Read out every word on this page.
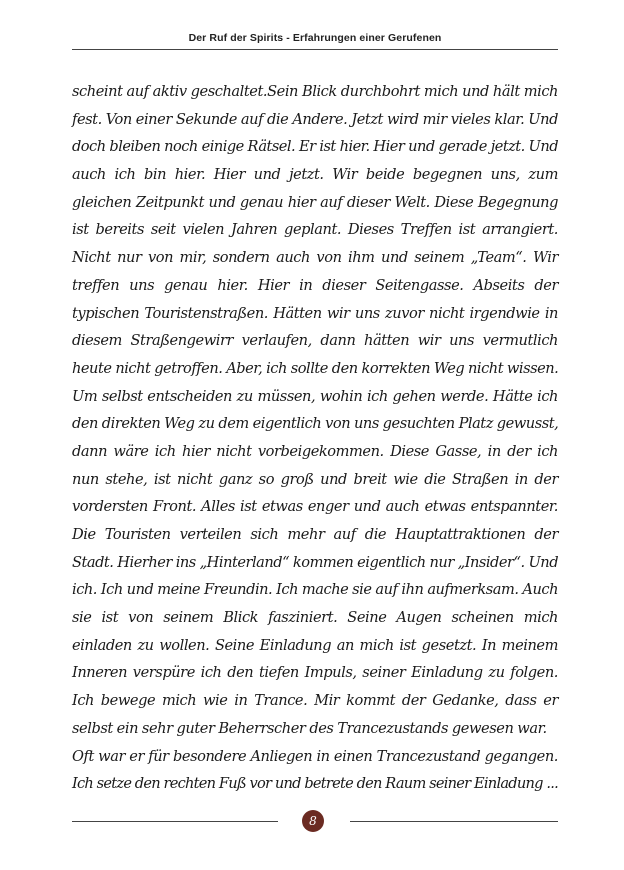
Der Ruf der Spirits - Erfahrungen einer Gerufenen
scheint auf aktiv geschaltet.Sein Blick durchbohrt mich und hält mich
fest. Von einer Sekunde auf die Andere. Jetzt wird mir vieles klar. Und
doch bleiben noch einige Rätsel. Er ist hier. Hier und gerade jetzt. Und
auch ich bin hier. Hier und jetzt. Wir beide begegnen uns, zum
gleichen Zeitpunkt und genau hier auf dieser Welt. Diese Begegnung
ist bereits seit vielen Jahren geplant. Dieses Treffen ist arrangiert.
Nicht nur von mir, sondern auch von ihm und seinem „Team“. Wir
treffen uns genau hier. Hier in dieser Seitengasse. Abseits der
typischen Touristenstraßen. Hätten wir uns zuvor nicht irgendwie in
diesem Straßengewirr verlaufen, dann hätten wir uns vermutlich
heute nicht getroffen. Aber, ich sollte den korrekten Weg nicht wissen.
Um selbst entscheiden zu müssen, wohin ich gehen werde. Hätte ich
den direkten Weg zu dem eigentlich von uns gesuchten Platz gewusst,
dann wäre ich hier nicht vorbeigekommen. Diese Gasse, in der ich
nun stehe, ist nicht ganz so groß und breit wie die Straßen in der
vordersten Front. Alles ist etwas enger und auch etwas entspannter.
Die Touristen verteilen sich mehr auf die Hauptattraktionen der
Stadt. Hierher ins „Hinterland“ kommen eigentlich nur „Insider“. Und
ich. Ich und meine Freundin. Ich mache sie auf ihn aufmerksam. Auch
sie ist von seinem Blick fasziniert. Seine Augen scheinen mich
einladen zu wollen. Seine Einladung an mich ist gesetzt. In meinem
Inneren verspüre ich den tiefen Impuls, seiner Einladung zu folgen.
Ich bewege mich wie in Trance. Mir kommt der Gedanke, dass er
selbst ein sehr guter Beherrscher des Trancezustands gewesen war.
Oft war er für besondere Anliegen in einen Trancezustand gegangen.
Ich setze den rechten Fuß vor und betrete den Raum seiner Einladung ...
8
